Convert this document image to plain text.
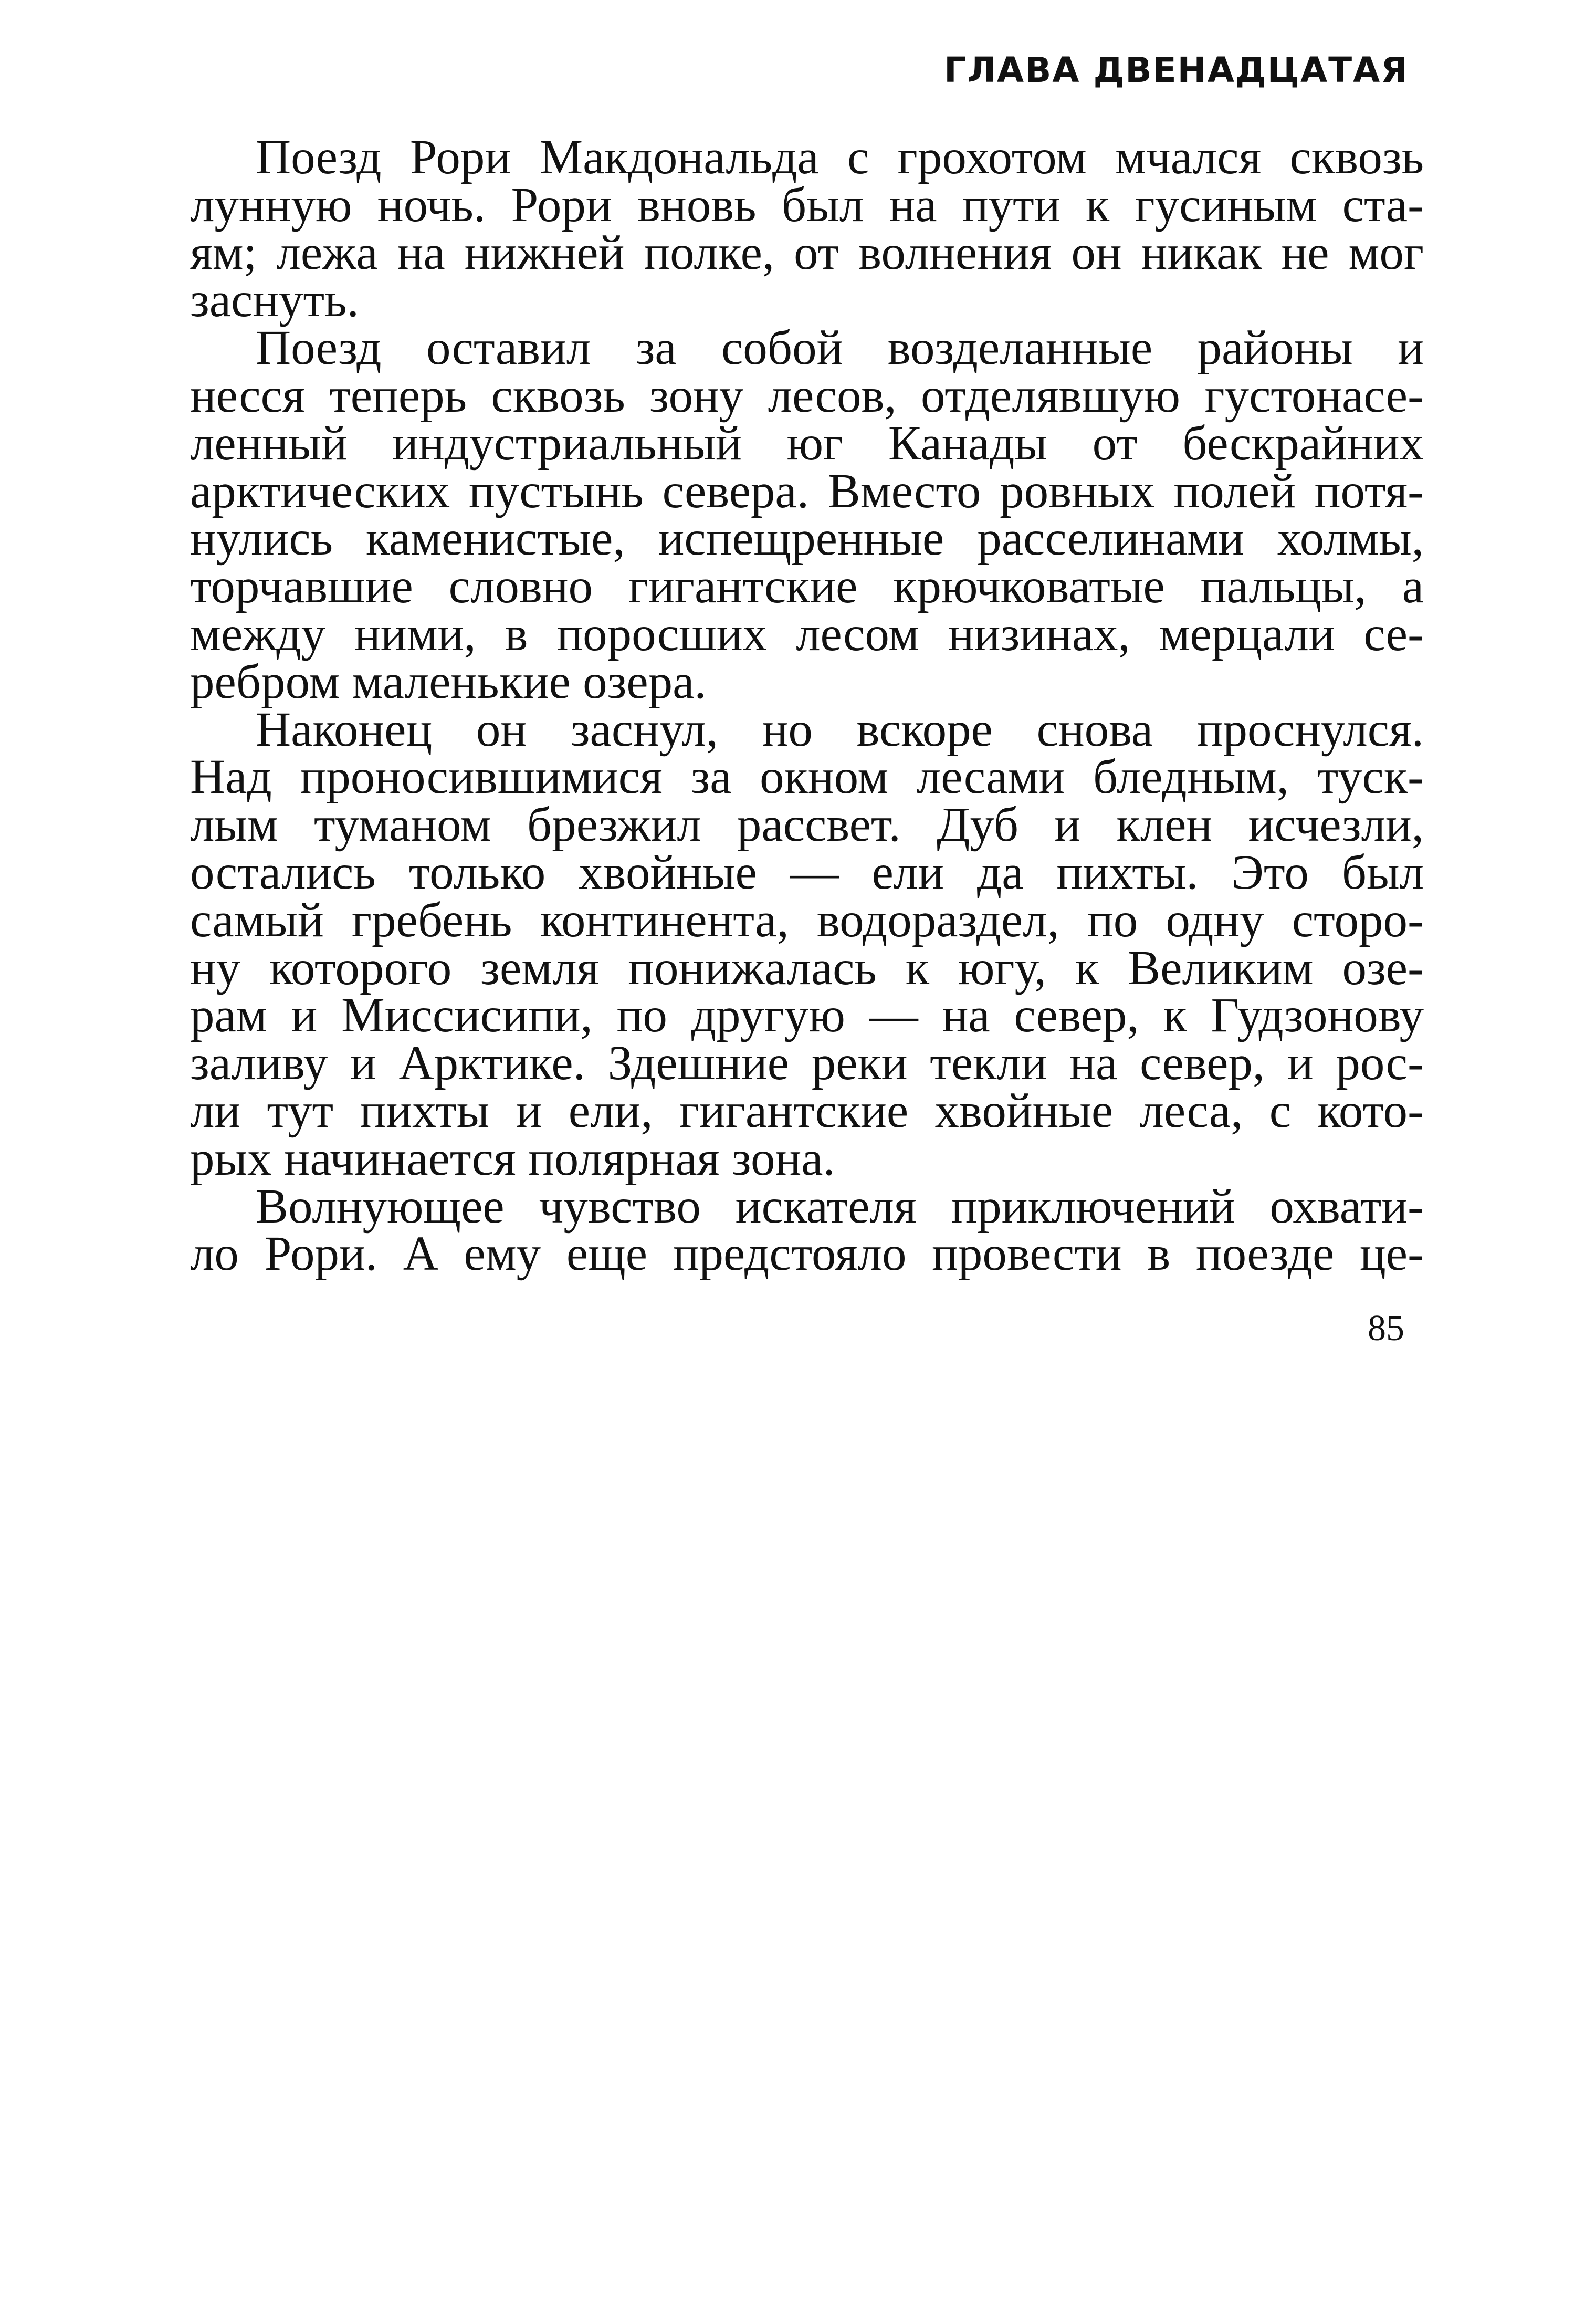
ГЛАВА ДВЕНАДЦАТАЯ
Поезд Рори Макдональда с грохотом мчался сквозь
лунную ночь. Рори вновь был на пути к гусиным ста-
ям; лежа на нижней полке, от волнения он никак не мог
заснуть.
Поезд оставил за собой возделанные районы и
несся теперь сквозь зону лесов, отделявшую густонасе-
ленный индустриальный юг Канады от бескрайних
арктических пустынь севера. Вместо ровных полей потя-
нулись каменистые, испещренные расселинами холмы,
торчавшие словно гигантские крючковатые пальцы, а
между ними, в поросших лесом низинах, мерцали се-
ребром маленькие озера.
Наконец он заснул, но вскоре снова проснулся.
Над проносившимися за окном лесами бледным, туск-
лым туманом брезжил рассвет. Дуб и клен исчезли,
остались только хвойные — ели да пихты. Это был
самый гребень континента, водораздел, по одну сторо-
ну которого земля понижалась к югу, к Великим озе-
рам и Миссисипи, по другую — на север, к Гудзонову
заливу и Арктике. Здешние реки текли на север, и рос-
ли тут пихты и ели, гигантские хвойные леса, с кото-
рых начинается полярная зона.
Волнующее чувство искателя приключений охвати-
ло Рори. А ему еще предстояло провести в поезде це-
85
